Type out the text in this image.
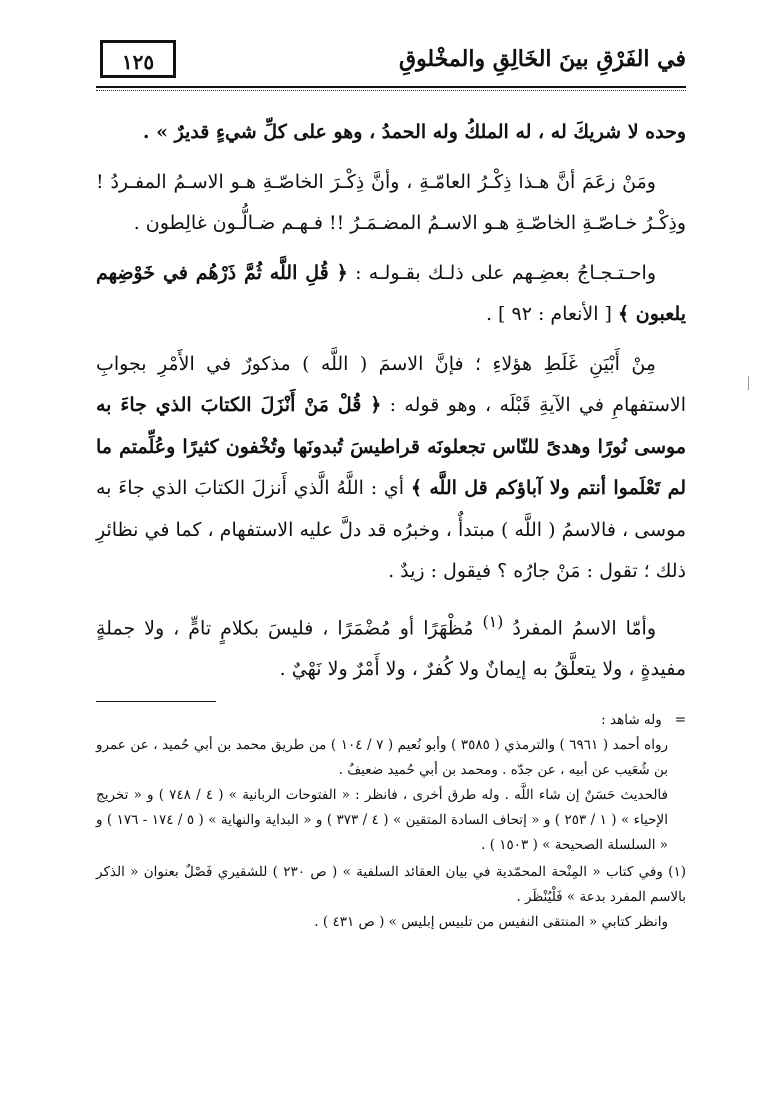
في الفَرْقِ بينَ الخَالِقِ والمخْلوقِ
١٢٥

وحده لا شريكَ له ، له الملكُ وله الحمدُ ، وهو على كلِّ شيءٍ قديرٌ » .

ومَنْ زعَمَ أنَّ هـذا ذِكْـرُ العامّـةِ ، وأنَّ ذِكْـرَ الخاصّـةِ هـو الاسـمُ المفـردُ ! وذِكْـرُ خـاصّـةِ الخاصّـةِ هـو الاسـمُ المضـمَـرُ !! فـهـم ضـالُّـون غالِطون .

واحـتـجـاجُ بعضِـهم على ذلـك بقـولـه : ﴿ قُلِ اللَّه ثُمَّ ذَرْهُم في خَوْضِهم يلعبون ﴾ [ الأنعام : ٩٢ ] .

مِنْ أَبْيَنِ غَلَطِ هؤلاءِ ؛ فإنَّ الاسمَ ( اللَّه ) مذكورٌ في الأَمْرِ بجوابِ الاستفهامِ في الآيةِ قَبْلَه ، وهو قوله : ﴿ قُلْ مَنْ أَنْزَلَ الكتابَ الذي جاءَ به موسى نُورًا وهدىً للنّاس تجعلونَه قراطيسَ تُبدونَها وتُخْفون كثيرًا وعُلِّمتم ما لم تَعْلَموا أنتم ولا آباؤكم قل اللَّه ﴾ أي : اللَّهُ الَّذي أَنزلَ الكتابَ الذي جاءَ به موسى ، فالاسمُ ( اللَّه ) مبتدأٌ ، وخبرُه قد دلَّ عليه الاستفهام ، كما في نظائرِ ذلك ؛ تقول : مَنْ جارُه ؟ فيقول : زيدٌ .

وأمّا الاسمُ المفردُ $^{(١)}$ مُظْهَرًا أو مُضْمَرًا ، فليسَ بكلامٍ تامٍّ ، ولا جملةٍ مفيدةٍ ، ولا يتعلَّقُ به إيمانٌ ولا كُفرٌ ، ولا أَمْرٌ ولا نَهْيٌ .

=   وله شاهد :

رواه أحمد ( ٦٩٦١ ) والترمذي ( ٣٥٨٥ ) وأبو نُعيم ( ٧ / ١٠٤ ) من طريق محمد بن أبي حُميد ، عن عمرو بن شُعَيب عن أبيه ، عن جدّه . ومحمد بن أبي حُميد ضعيفٌ .

فالحديث حَسَنٌ إن شاء اللَّه . وله طرق أخرى ، فانظر : « الفتوحات الربانية » ( ٤ / ٧٤٨ ) و « تخريج الإحياء » ( ١ / ٢٥٣ ) و « إتحاف السادة المتقين » ( ٤ / ٣٧٣ ) و « البداية والنهاية » ( ٥ / ١٧٤ - ١٧٦ ) و « السلسلة الصحيحة » ( ١٥٠٣ ) .

(١) وفي كتاب « المِنْحة المحمّدية في بيان العقائد السلفية » ( ص ٢٣٠ ) للشقيري فَصْلٌ بعنوان « الذكر بالاسم المفرد بدعة » فَلْيُنْظَر .

وانظر كتابي « المنتقى النفيس من تلبيس إبليس » ( ص ٤٣١ ) .
